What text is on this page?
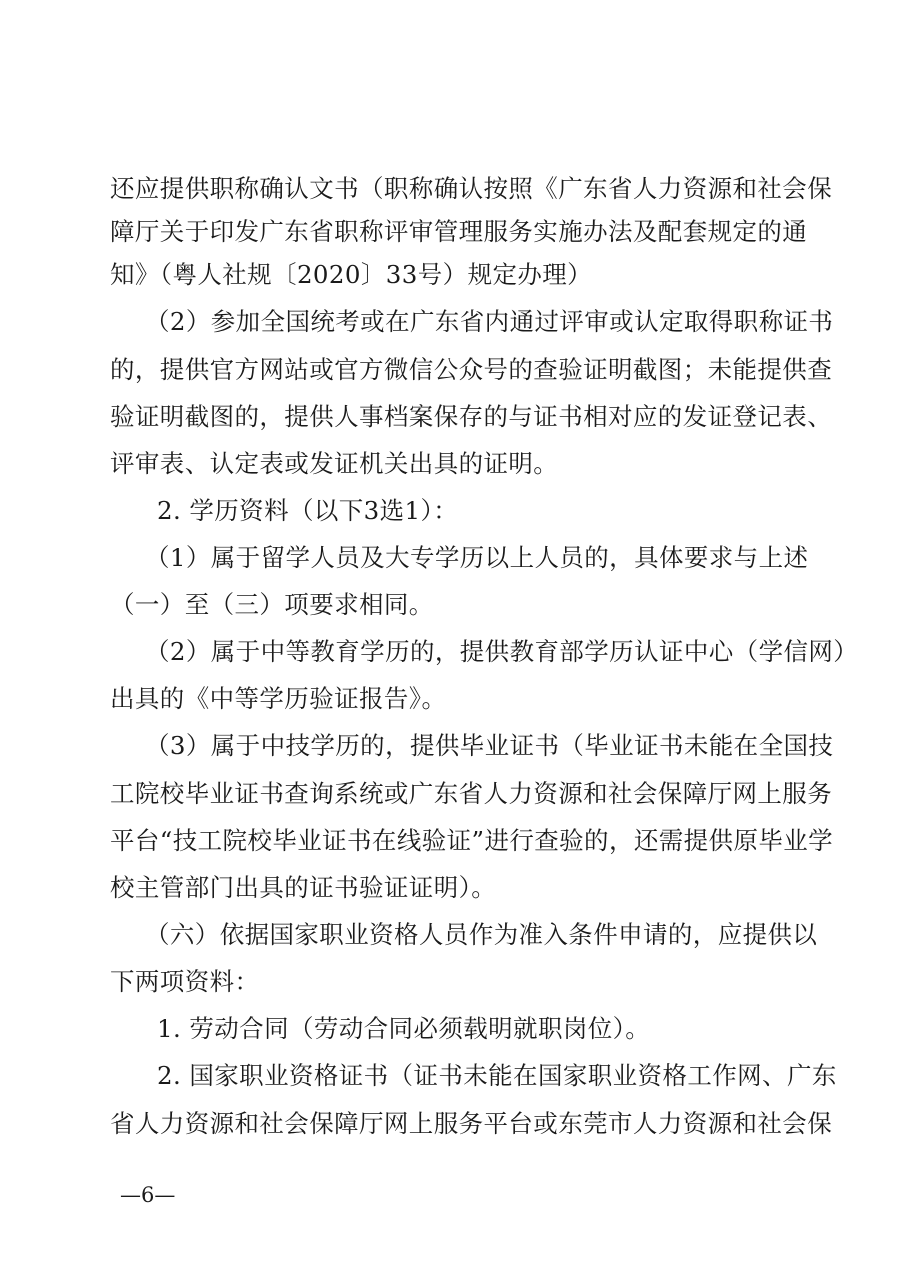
还应提供职称确认文书（职称确认按照《广东省人力资源和社会保
障厅关于印发广东省职称评审管理服务实施办法及配套规定的通
知》（粤人社规〔2020〕33号）规定办理）
（2）参加全国统考或在广东省内通过评审或认定取得职称证书
的，提供官方网站或官方微信公众号的查验证明截图；未能提供查
验证明截图的，提供人事档案保存的与证书相对应的发证登记表、
评审表、认定表或发证机关出具的证明。
2. 学历资料（以下3选1）：
（1）属于留学人员及大专学历以上人员的，具体要求与上述
（一）至（三）项要求相同。
（2）属于中等教育学历的，提供教育部学历认证中心（学信网）
出具的《中等学历验证报告》。
（3）属于中技学历的，提供毕业证书（毕业证书未能在全国技
工院校毕业证书查询系统或广东省人力资源和社会保障厅网上服务
平台“技工院校毕业证书在线验证”进行查验的，还需提供原毕业学
校主管部门出具的证书验证证明）。
（六）依据国家职业资格人员作为准入条件申请的，应提供以
下两项资料：
1. 劳动合同（劳动合同必须载明就职岗位）。
2. 国家职业资格证书（证书未能在国家职业资格工作网、广东
省人力资源和社会保障厅网上服务平台或东莞市人力资源和社会保
—6—
